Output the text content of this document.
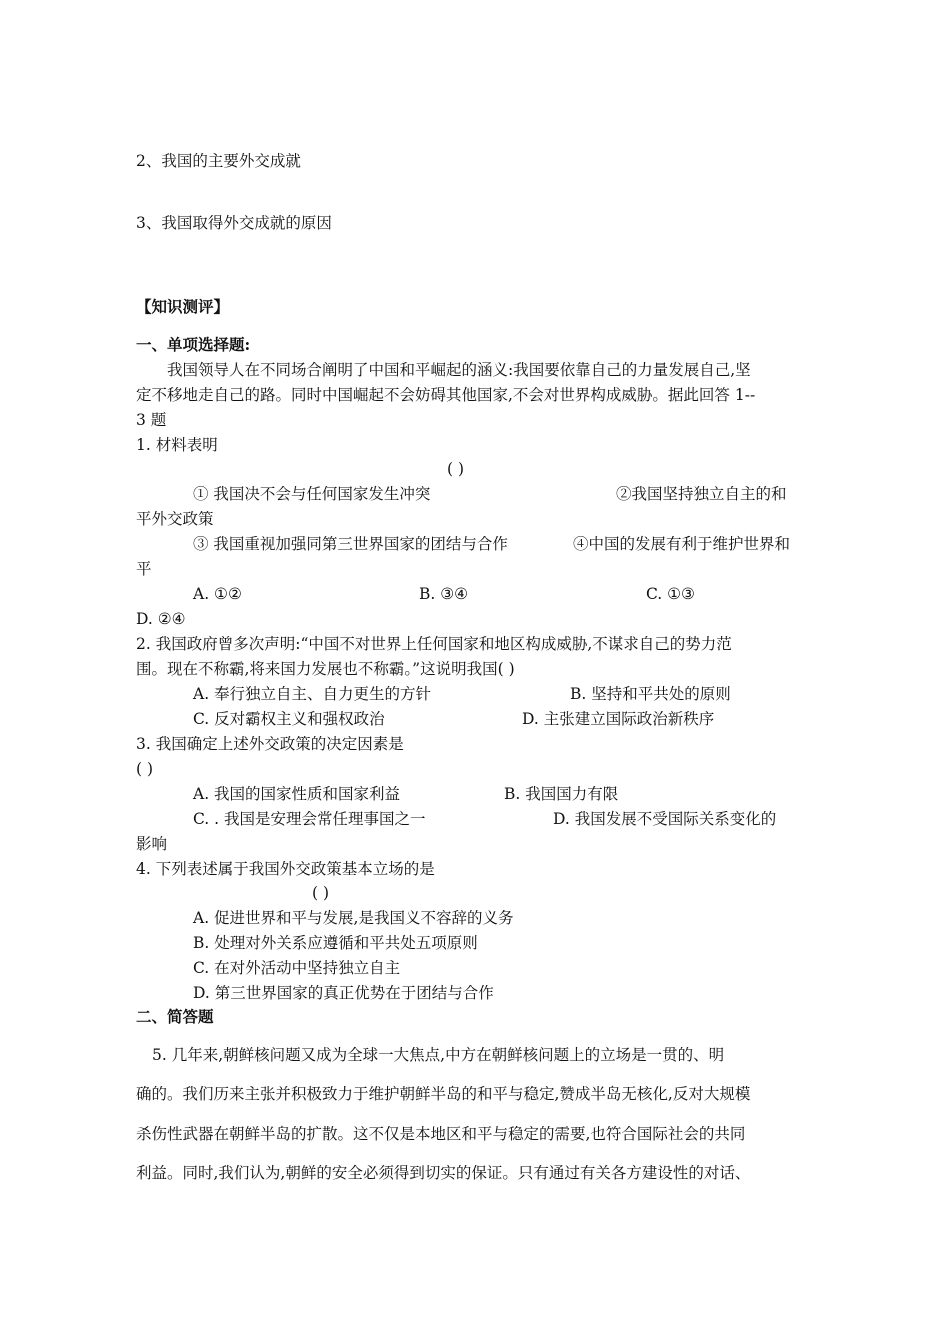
2、我国的主要外交成就
3、我国取得外交成就的原因
【知识测评】
一、单项选择题:
我国领导人在不同场合阐明了中国和平崛起的涵义:我国要依靠自己的力量发展自己,坚
定不移地走自己的路。同时中国崛起不会妨碍其他国家,不会对世界构成威胁。据此回答 1--
3 题
1. 材料表明
( )
① 我国决不会与任何国家发生冲突	②我国坚持独立自主的和
平外交政策
③ 我国重视加强同第三世界国家的团结与合作	④中国的发展有利于维护世界和
平
A. ①②	B. ③④	C. ①③
D. ②④
2. 我国政府曾多次声明:“中国不对世界上任何国家和地区构成威胁,不谋求自己的势力范
围。现在不称霸,将来国力发展也不称霸。”这说明我国( )
A. 奉行独立自主、自力更生的方针	B. 坚持和平共处的原则
C. 反对霸权主义和强权政治	D. 主张建立国际政治新秩序
3. 我国确定上述外交政策的决定因素是
( )
A. 我国的国家性质和国家利益	B. 我国国力有限
C. . 我国是安理会常任理事国之一	D. 我国发展不受国际关系变化的
影响
4. 下列表述属于我国外交政策基本立场的是
( )
A. 促进世界和平与发展,是我国义不容辞的义务
B. 处理对外关系应遵循和平共处五项原则
C. 在对外活动中坚持独立自主
D. 第三世界国家的真正优势在于团结与合作
二、简答题
5. 几年来,朝鲜核问题又成为全球一大焦点,中方在朝鲜核问题上的立场是一贯的、明
确的。我们历来主张并积极致力于维护朝鲜半岛的和平与稳定,赞成半岛无核化,反对大规模
杀伤性武器在朝鲜半岛的扩散。这不仅是本地区和平与稳定的需要,也符合国际社会的共同
利益。同时,我们认为,朝鲜的安全必须得到切实的保证。只有通过有关各方建设性的对话、
